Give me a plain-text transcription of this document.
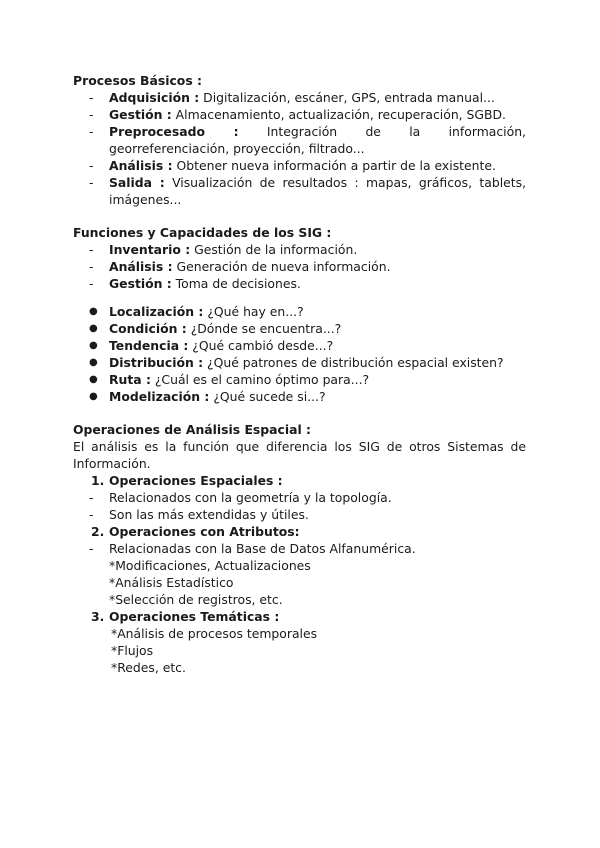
Procesos Básicos :
- Adquisición : Digitalización, escáner, GPS, entrada manual...
- Gestión : Almacenamiento, actualización, recuperación, SGBD.
- Preprocesado : Integración de la información, georreferenciación, proyección, filtrado...
- Análisis : Obtener nueva información a partir de la existente.
- Salida : Visualización de resultados : mapas, gráficos, tablets, imágenes...
Funciones y Capacidades de los SIG :
- Inventario : Gestión de la información.
- Análisis : Generación de nueva información.
- Gestión : Toma de decisiones.
● Localización : ¿Qué hay en...?
● Condición : ¿Dónde se encuentra...?
● Tendencia : ¿Qué cambió desde...?
● Distribución : ¿Qué patrones de distribución espacial existen?
● Ruta : ¿Cuál es el camino óptimo para...?
● Modelización : ¿Qué sucede si...?
Operaciones de Análisis Espacial :
El análisis es la función que diferencia los SIG de otros Sistemas de Información.
1. Operaciones Espaciales :
- Relacionados con la geometría y la topología.
- Son las más extendidas y útiles.
2. Operaciones con Atributos:
- Relacionadas con la Base de Datos Alfanumérica.
*Modificaciones, Actualizaciones
*Análisis Estadístico
*Selección de registros, etc.
3. Operaciones Temáticas :
*Análisis de procesos temporales
*Flujos
*Redes, etc.
